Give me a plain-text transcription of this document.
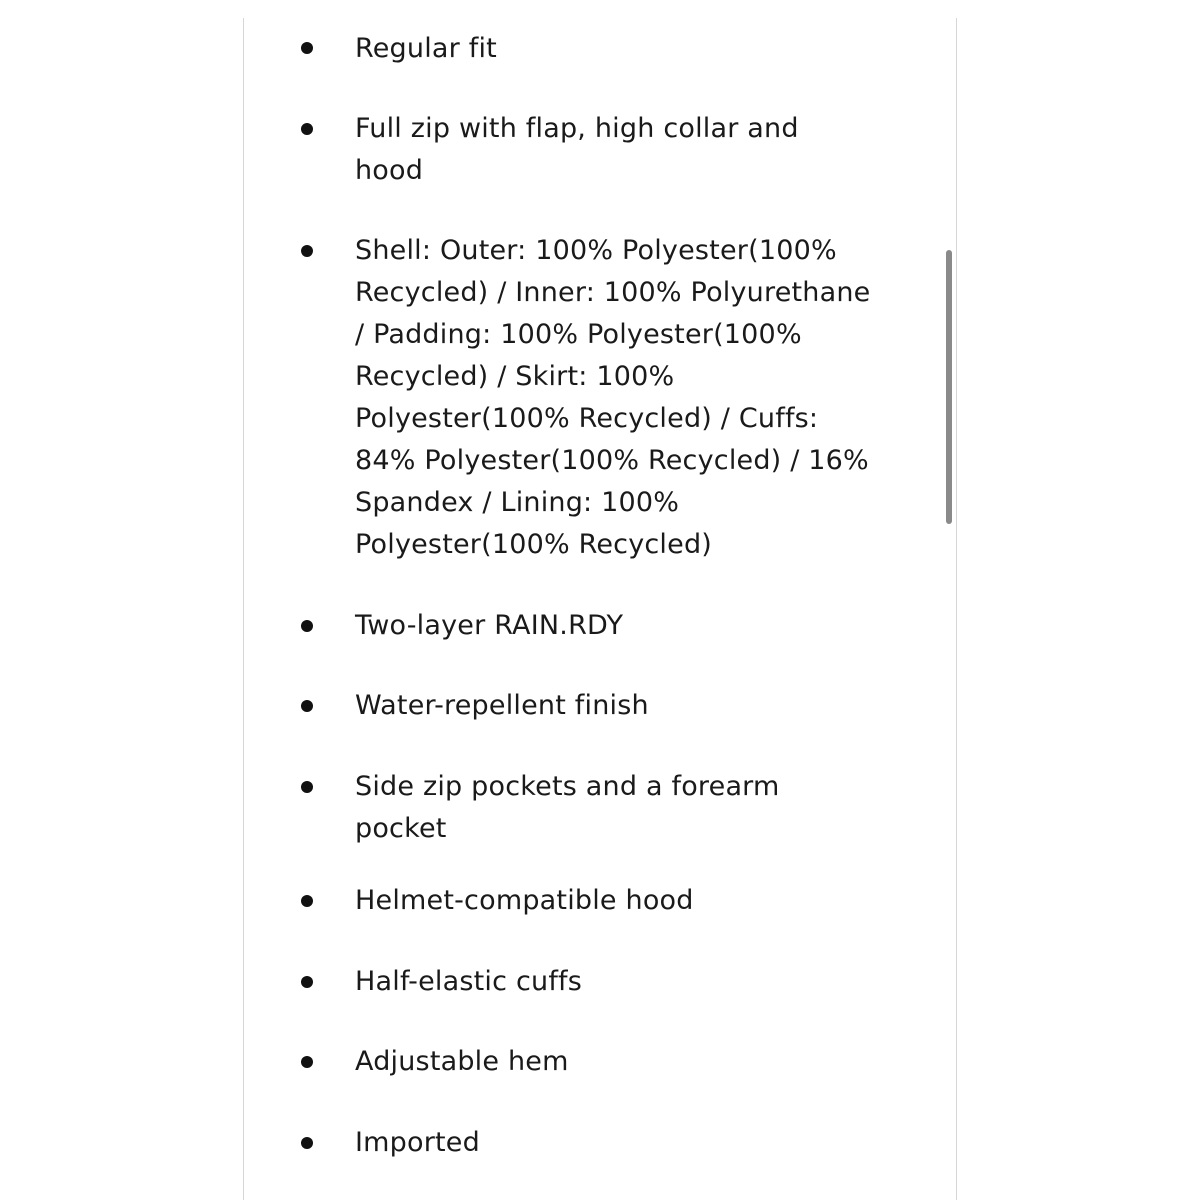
Regular fit
Full zip with flap, high collar and
hood
Shell: Outer: 100% Polyester(100%
Recycled) / Inner: 100% Polyurethane
/ Padding: 100% Polyester(100%
Recycled) / Skirt: 100%
Polyester(100% Recycled) / Cuffs:
84% Polyester(100% Recycled) / 16%
Spandex / Lining: 100%
Polyester(100% Recycled)
Two-layer RAIN.RDY
Water-repellent finish
Side zip pockets and a forearm
pocket
Helmet-compatible hood
Half-elastic cuffs
Adjustable hem
Imported
